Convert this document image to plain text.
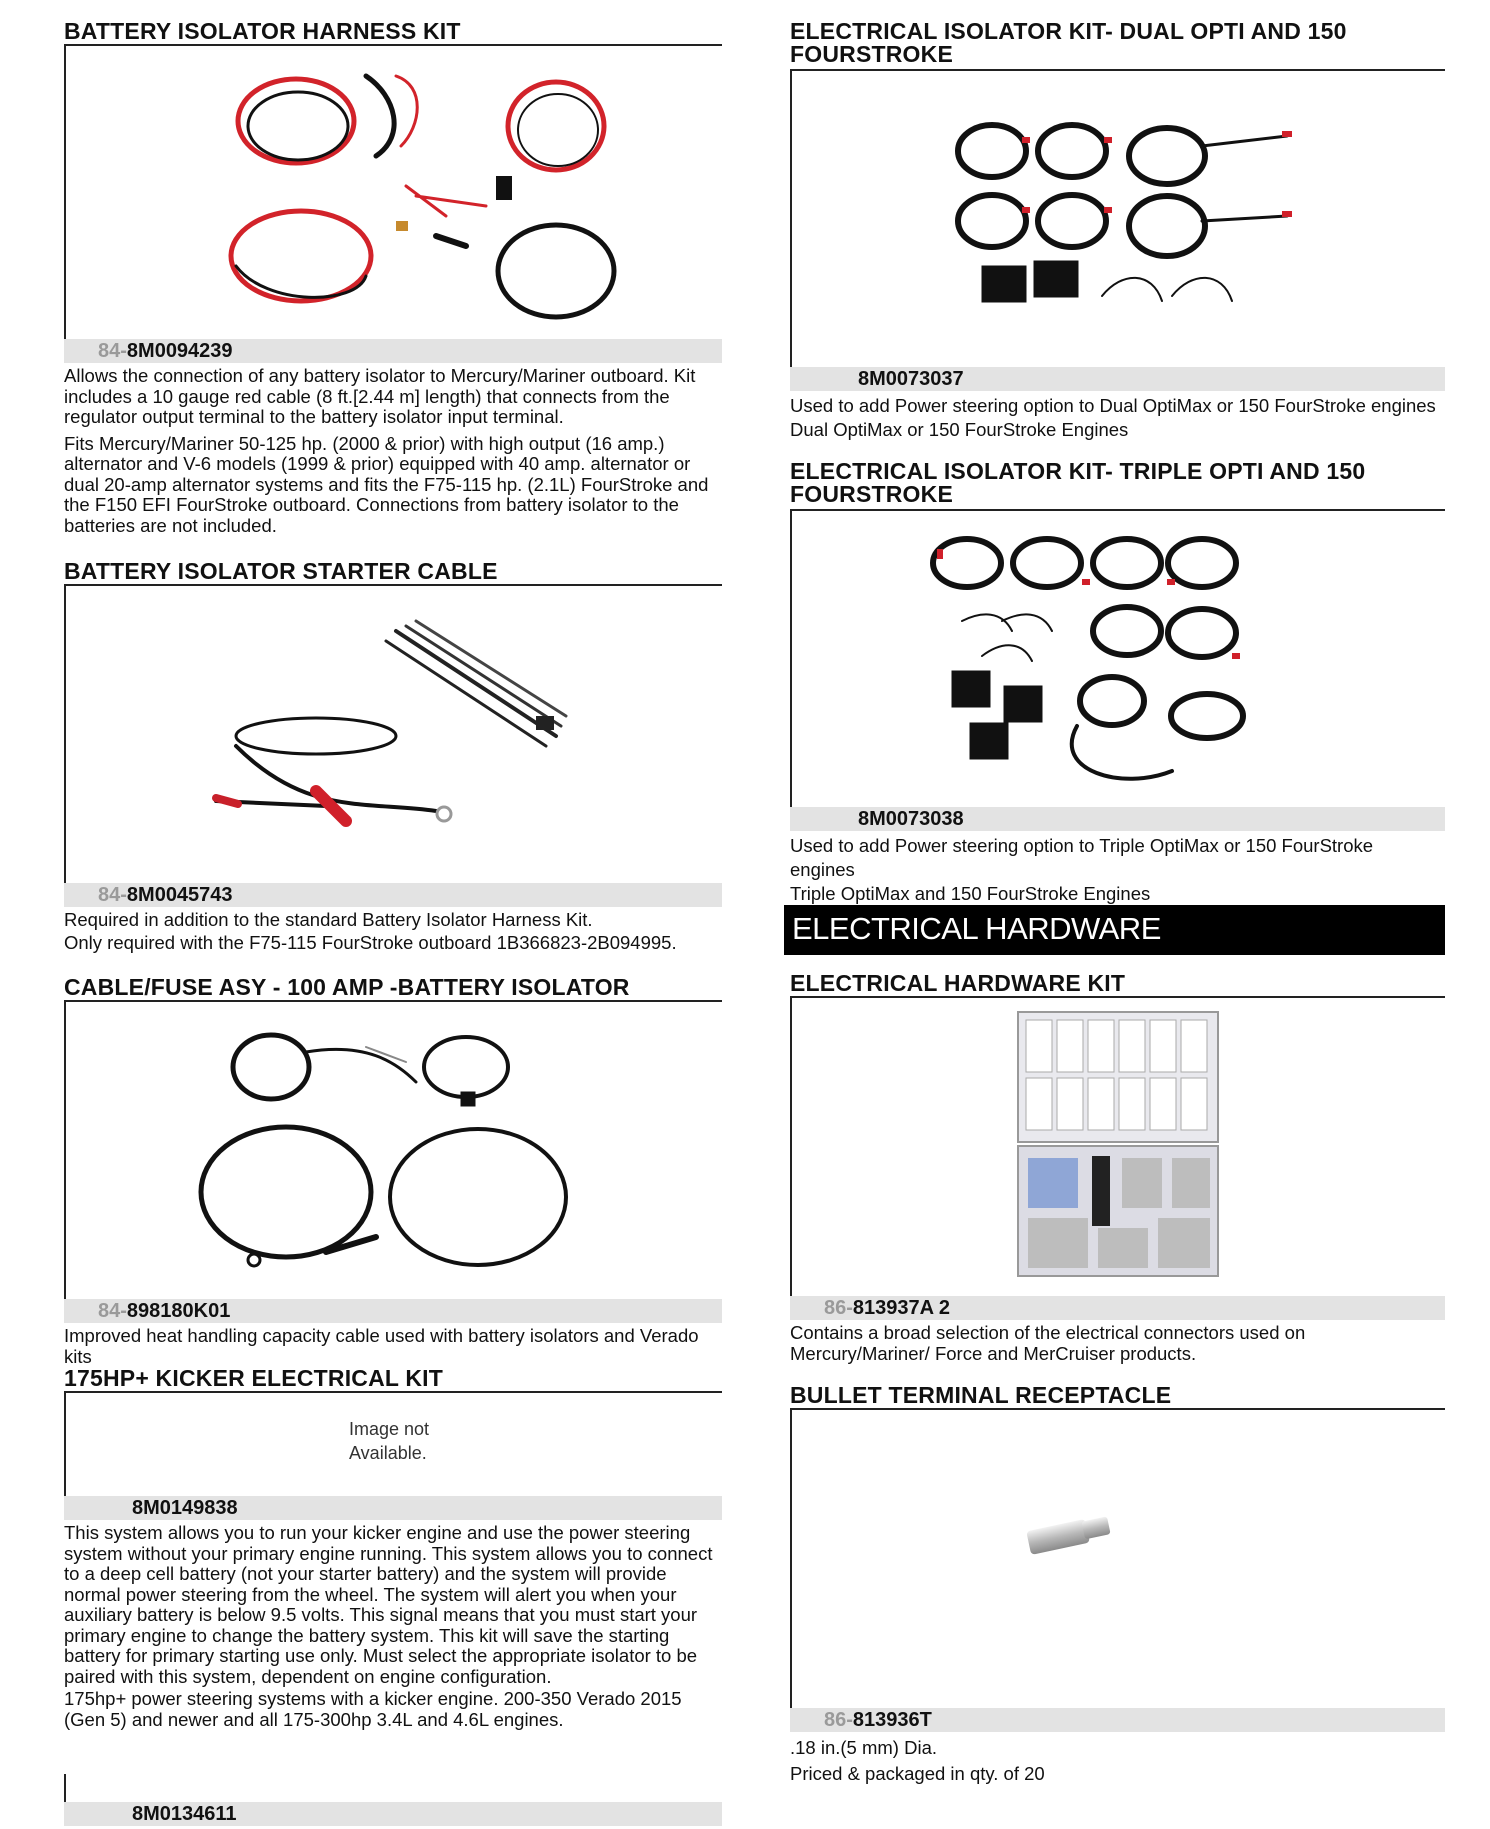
BATTERY ISOLATOR HARNESS KIT
84-8M0094239

Allows the connection of any battery isolator to Mercury/Mariner outboard. Kit includes a 10 gauge red cable (8 ft.[2.44 m] length) that connects from the regulator output terminal to the battery isolator input terminal.

Fits Mercury/Mariner 50-125 hp. (2000 & prior) with high output (16 amp.) alternator and V-6 models (1999 & prior) equipped with 40 amp. alternator or dual 20-amp alternator systems and fits the F75-115 hp. (2.1L) FourStroke and the F150 EFI FourStroke outboard. Connections from battery isolator to the batteries are not included.

BATTERY ISOLATOR STARTER CABLE
84-8M0045743

Required in addition to the standard Battery Isolator Harness Kit.

Only required with the F75-115 FourStroke outboard 1B366823-2B094995.

CABLE/FUSE ASY - 100 AMP -BATTERY ISOLATOR
84-898180K01

Improved heat handling capacity cable used with battery isolators and Verado kits

175HP+ KICKER ELECTRICAL KIT
Image not
Available.
8M0149838

This system allows you to run your kicker engine and use the power steering system without your primary engine running. This system allows you to connect to a deep cell battery (not your starter battery) and the system will provide normal power steering from the wheel. The system will alert you when your auxiliary battery is below 9.5 volts. This signal means that you must start your primary engine to change the battery system. This kit will save the starting battery for primary starting use only. Must select the appropriate isolator to be paired with this system, dependent on engine configuration.

175hp+ power steering systems with a kicker engine. 200-350 Verado 2015 (Gen 5) and newer and all 175-300hp 3.4L and 4.6L engines.

8M0134611
ELECTRICAL ISOLATOR KIT- DUAL OPTI AND 150 FOURSTROKE
8M0073037

Used to add Power steering option to Dual OptiMax or 150 FourStroke engines

Dual OptiMax or 150 FourStroke Engines

ELECTRICAL ISOLATOR KIT- TRIPLE OPTI AND 150 FOURSTROKE
8M0073038

Used to add Power steering option to Triple OptiMax or 150 FourStroke engines

Triple OptiMax and 150 FourStroke Engines

ELECTRICAL HARDWARE
ELECTRICAL HARDWARE KIT
86-813937A 2

Contains a broad selection of the electrical connectors used on Mercury/Mariner/ Force and MerCruiser products.

BULLET TERMINAL RECEPTACLE
86-813936T

.18 in.(5 mm) Dia.

Priced & packaged in qty. of 20
